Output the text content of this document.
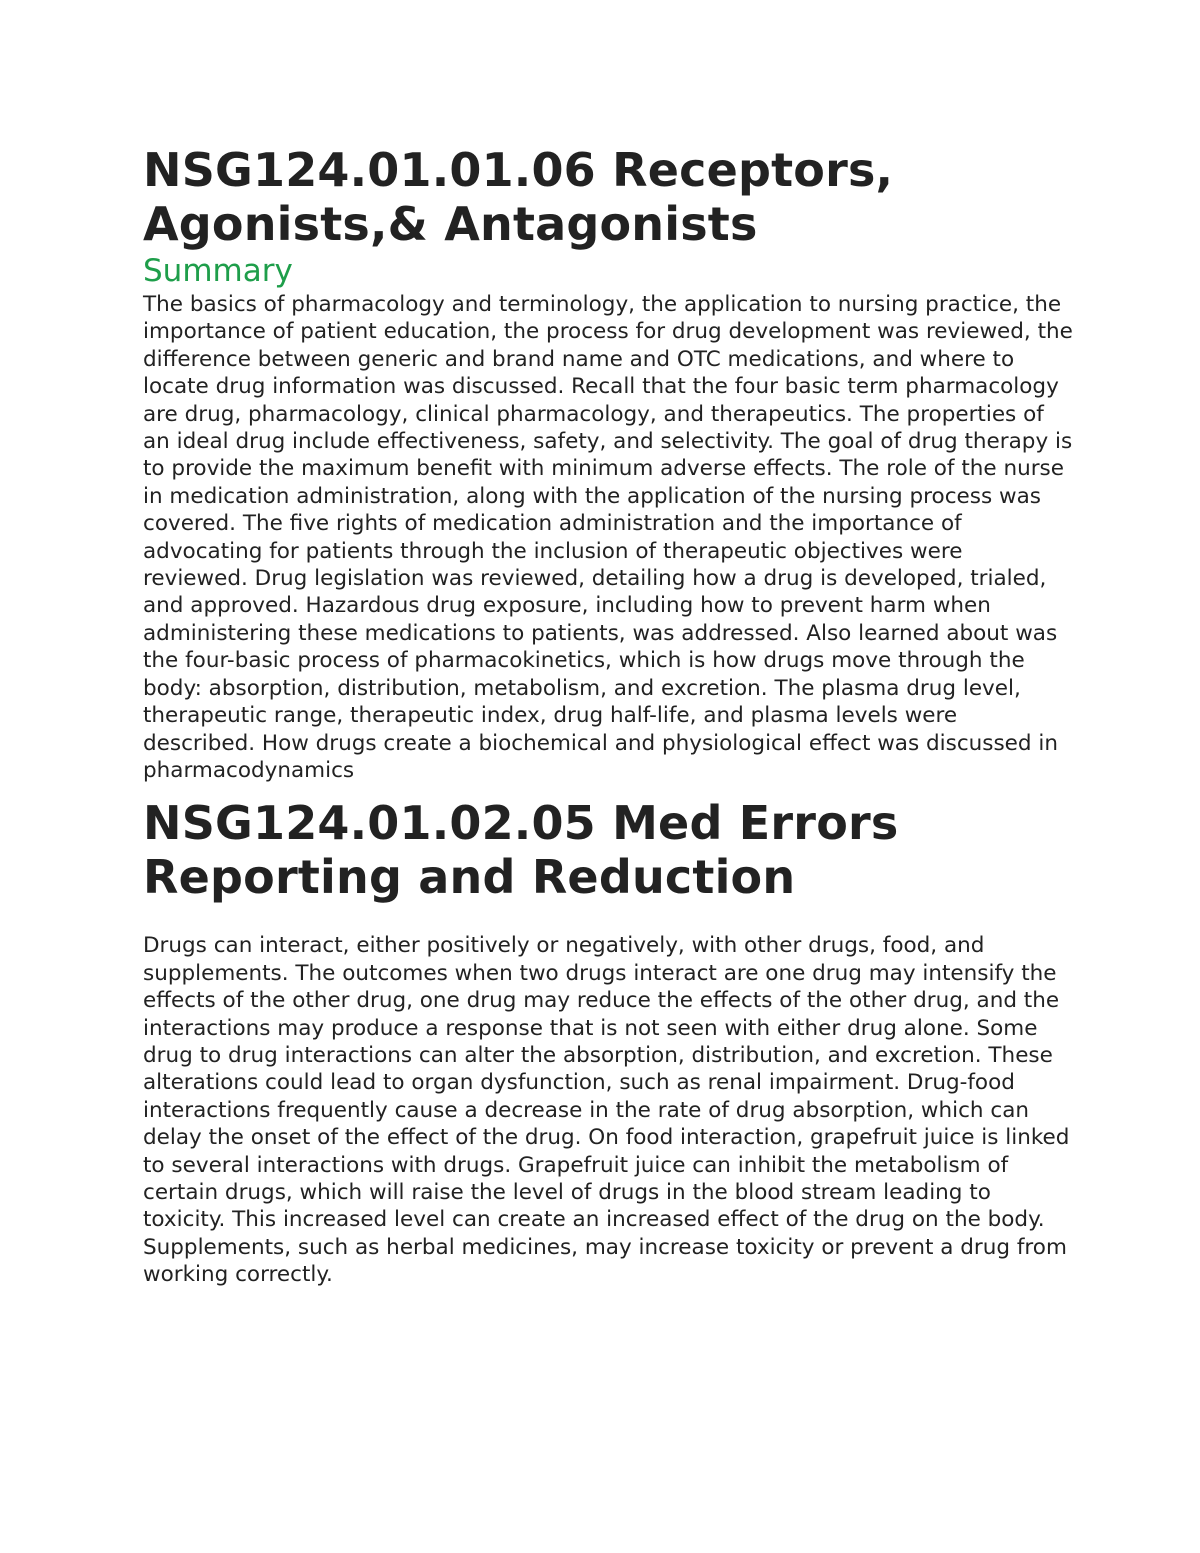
NSG124.01.01.06 Receptors, Agonists,& Antagonists
Summary

The basics of pharmacology and terminology, the application to nursing practice, the importance of patient education, the process for drug development was reviewed, the difference between generic and brand name and OTC medications, and where to locate drug information was discussed. Recall that the four basic term pharmacology are drug, pharmacology, clinical pharmacology, and therapeutics. The properties of an ideal drug include effectiveness, safety, and selectivity. The goal of drug therapy is to provide the maximum benefit with minimum adverse effects. The role of the nurse in medication administration, along with the application of the nursing process was covered. The five rights of medication administration and the importance of advocating for patients through the inclusion of therapeutic objectives were reviewed. Drug legislation was reviewed, detailing how a drug is developed, trialed, and approved. Hazardous drug exposure, including how to prevent harm when administering these medications to patients, was addressed. Also learned about was the four-basic process of pharmacokinetics, which is how drugs move through the body: absorption, distribution, metabolism, and excretion. The plasma drug level, therapeutic range, therapeutic index, drug half-life, and plasma levels were described. How drugs create a biochemical and physiological effect was discussed in pharmacodynamics

NSG124.01.02.05 Med Errors Reporting and Reduction

Drugs can interact, either positively or negatively, with other drugs, food, and supplements. The outcomes when two drugs interact are one drug may intensify the effects of the other drug, one drug may reduce the effects of the other drug, and the interactions may produce a response that is not seen with either drug alone. Some drug to drug interactions can alter the absorption, distribution, and excretion. These alterations could lead to organ dysfunction, such as renal impairment. Drug-food interactions frequently cause a decrease in the rate of drug absorption, which can delay the onset of the effect of the drug. On food interaction, grapefruit juice is linked to several interactions with drugs. Grapefruit juice can inhibit the metabolism of certain drugs, which will raise the level of drugs in the blood stream leading to toxicity. This increased level can create an increased effect of the drug on the body. Supplements, such as herbal medicines, may increase toxicity or prevent a drug from working correctly.
